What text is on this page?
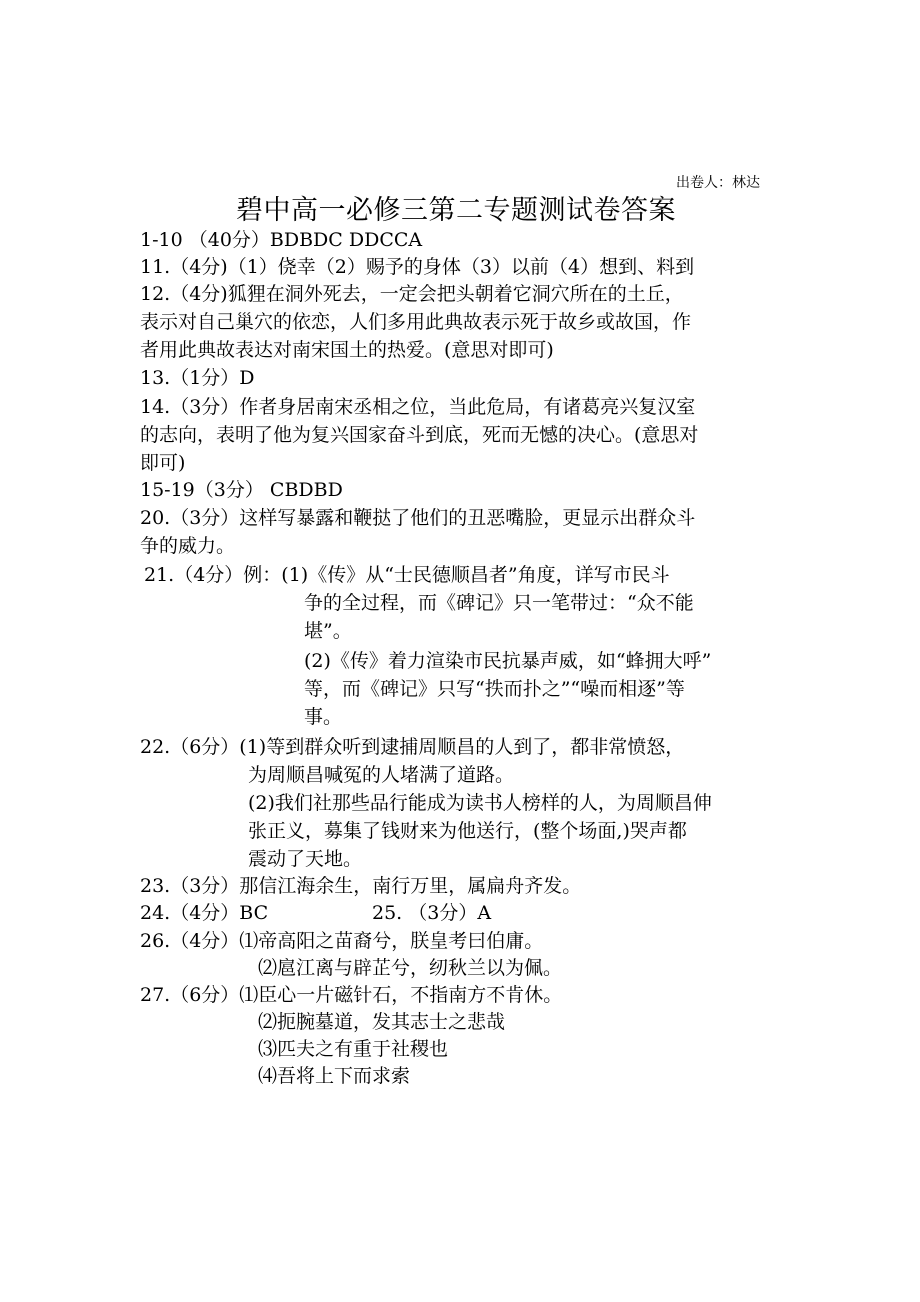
出卷人：林达
碧中高一必修三第二专题测试卷答案
1-10 （40分）BDBDC DDCCA
11.（4分)（1）侥幸（2）赐予的身体（3）以前（4）想到、料到
12.（4分)狐狸在洞外死去，一定会把头朝着它洞穴所在的土丘，
表示对自己巢穴的依恋，人们多用此典故表示死于故乡或故国，作
者用此典故表达对南宋国土的热爱。(意思对即可)
13.（1分）D
14.（3分）作者身居南宋丞相之位，当此危局，有诸葛亮兴复汉室
的志向，表明了他为复兴国家奋斗到底，死而无憾的决心。(意思对
即可)
15-19（3分） CBDBD
20.（3分）这样写暴露和鞭挞了他们的丑恶嘴脸，更显示出群众斗
争的威力。
21.（4分）例：(1)《传》从“士民德顺昌者”角度，详写市民斗
争的全过程，而《碑记》只一笔带过：“众不能
堪”。
(2)《传》着力渲染市民抗暴声威，如“蜂拥大呼”
等，而《碑记》只写“抶而扑之”“噪而相逐”等
事。
22.（6分）(1)等到群众听到逮捕周顺昌的人到了，都非常愤怒，
为周顺昌喊冤的人堵满了道路。
(2)我们社那些品行能成为读书人榜样的人，为周顺昌伸
张正义，募集了钱财来为他送行，(整个场面,)哭声都
震动了天地。
23.（3分）那信江海余生，南行万里，属扁舟齐发。
24.（4分）BC	25. （3分）A
26.（4分）⑴帝高阳之苗裔兮，朕皇考曰伯庸。
⑵扈江离与辟芷兮，纫秋兰以为佩。
27.（6分）⑴臣心一片磁针石，不指南方不肯休。
⑵扼腕墓道，发其志士之悲哉
⑶匹夫之有重于社稷也
⑷吾将上下而求索
